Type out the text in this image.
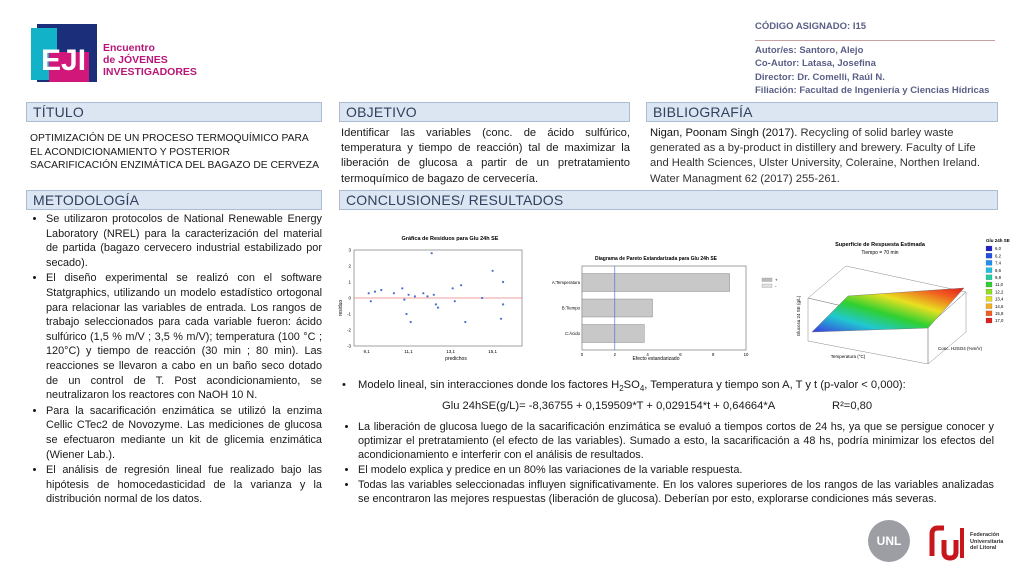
EJI Encuentro
de JÓVENES
INVESTIGADORES
CÓDIGO ASIGNADO: I15
Autor/es: Santoro, Alejo
Co-Autor: Latasa, Josefina
Director: Dr. Comelli, Raúl N.
Filiación: Facultad de Ingeniería y Ciencias Hídricas
TÍTULO	OBJETIVO	BIBLIOGRAFÍA
METODOLOGÍA	CONCLUSIONES/ RESULTADOS
OPTIMIZACIÓN DE UN PROCESO TERMOQUÍMICO PARA EL ACONDICIONAMIENTO Y POSTERIOR SACARIFICACIÓN ENZIMÁTICA DEL BAGAZO DE CERVEZA
Identificar las variables (conc. de ácido sulfúrico, temperatura y tiempo de reacción) tal de maximizar la liberación de glucosa a partir de un pretratamiento termoquímico de bagazo de cervecería.
Nigan, Poonam Singh (2017). Recycling of solid barley waste generated as a by-product in distillery and brewery. Faculty of Life and Health Sciences, Ulster University, Coleraine, Northen Ireland. Water Managment 62 (2017) 255-261.
• Se utilizaron protocolos de National Renewable Energy Laboratory (NREL) para la caracterización del material de partida (bagazo cervecero industrial estabilizado por secado).
• El diseño experimental se realizó con el software Statgraphics, utilizando un modelo estadístico ortogonal para relacionar las variables de entrada. Los rangos de trabajo seleccionados para cada variable fueron: ácido sulfúrico (1,5 % m/V ; 3,5 % m/V); temperatura (100 °C ; 120°C) y tiempo de reacción (30 min ; 80 min). Las reacciones se llevaron a cabo en un baño seco dotado de un control de T. Post acondicionamiento, se neutralizaron los reactores con NaOH 10 N.
• Para la sacarificación enzimática se utilizó la enzima Cellic CTec2 de Novozyme. Las mediciones de glucosa se efectuaron mediante un kit de glicemia enzimática (Wiener Lab.).
• El análisis de regresión lineal fue realizado bajo las hipótesis de homocedasticidad de la varianza y la distribución normal de los datos.
Gráfica de Residuos para Glu 24h SE
residuo
predichos
3
2
1
0
-1
-2
-3
9,1	11,1	13,1	15,1
Diagrama de Pareto Estandarizada para Glu 24h SE
Efecto estandarizado
A:Temperatura
B:Tiempo
C:Ácido
0	2	4	6	8	10
+
-
Superficie de Respuesta Estimada
Tiempo = 70 min
Glucosa 24 SE (g/L)
Temperatura (°C)
Conc. H2SO4 (%m/V)
Glu 24h SE
6,0
6,2
7,4
8,6
9,8
11,0
12,2
13,4
14,6
15,8
17,0
• Modelo lineal, sin interacciones donde los factores $H_2SO_4$, Temperatura y tiempo son A, T y t (p-valor < 0,000):
Glu 24hSE(g/L)= -8,36755 + 0,159509*T + 0,029154*t + 0,64664*A	R²=0,80
• La liberación de glucosa luego de la sacarificación enzimática se evaluó a tiempos cortos de 24 hs, ya que se persigue conocer y optimizar el pretratamiento (el efecto de las variables). Sumado a esto, la sacarificación a 48 hs, podría minimizar los efectos del acondicionamiento e interferir con el análisis de resultados.
• El modelo explica y predice en un 80% las variaciones de la variable respuesta.
• Todas las variables seleccionadas influyen significativamente. En los valores superiores de los rangos de las variables analizadas se encontraron las mejores respuestas (liberación de glucosa). Deberían por esto, explorarse condiciones más severas.
UNL	Federación
Universitaria
del Litoral
